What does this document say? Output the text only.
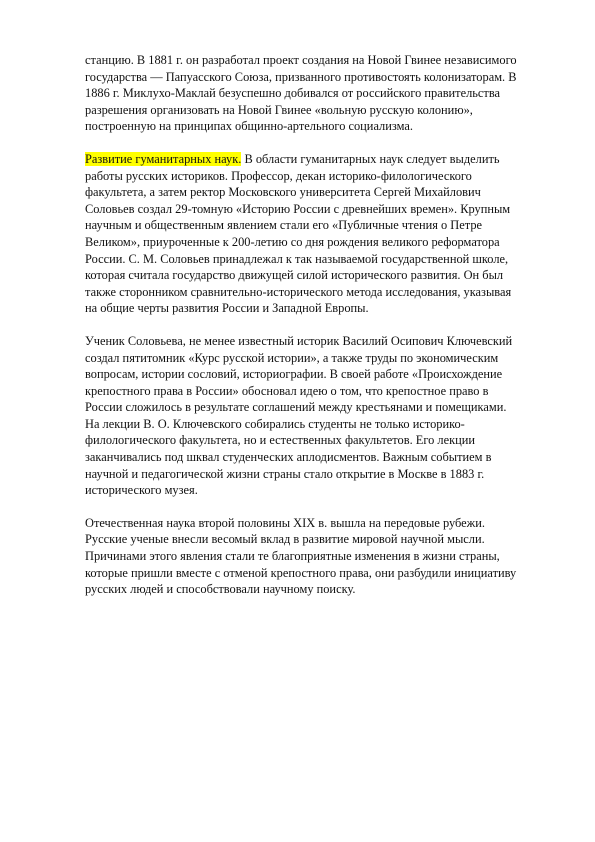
станцию. В 1881 г. он разработал проект создания на Новой Гвинее независимого государства — Папуасского Союза, призванного противостоять колонизаторам. В 1886 г. Миклухо-Маклай безуспешно добивался от российского правительства разрешения организовать на Новой Гвинее «вольную русскую колонию», построенную на принципах общинно-артельного социализма.

Развитие гуманитарных наук. В области гуманитарных наук следует выделить работы русских историков. Профессор, декан историко-филологического факультета, а затем ректор Московского университета Сергей Михайлович Соловьев создал 29-томную «Историю России с древнейших времен». Крупным научным и общественным явлением стали его «Публичные чтения о Петре Великом», приуроченные к 200-летию со дня рождения великого реформатора России. С. М. Соловьев принадлежал к так называемой государственной школе, которая считала государство движущей силой исторического развития. Он был также сторонником сравнительно-исторического метода исследования, указывая на общие черты развития России и Западной Европы.

Ученик Соловьева, не менее известный историк Василий Осипович Ключевский создал пятитомник «Курс русской истории», а также труды по экономическим вопросам, истории сословий, историографии. В своей работе «Происхождение крепостного права в России» обосновал идею о том, что крепостное право в России сложилось в результате соглашений между крестьянами и помещиками. На лекции В. О. Ключевского собирались студенты не только историко-филологического факультета, но и естественных факультетов. Его лекции заканчивались под шквал студенческих аплодисментов. Важным событием в научной и педагогической жизни страны стало открытие в Москве в 1883 г. исторического музея.

Отечественная наука второй половины XIX в. вышла на передовые рубежи. Русские ученые внесли весомый вклад в развитие мировой научной мысли. Причинами этого явления стали те благоприятные изменения в жизни страны, которые пришли вместе с отменой крепостного права, они разбудили инициативу русских людей и способствовали научному поиску.
